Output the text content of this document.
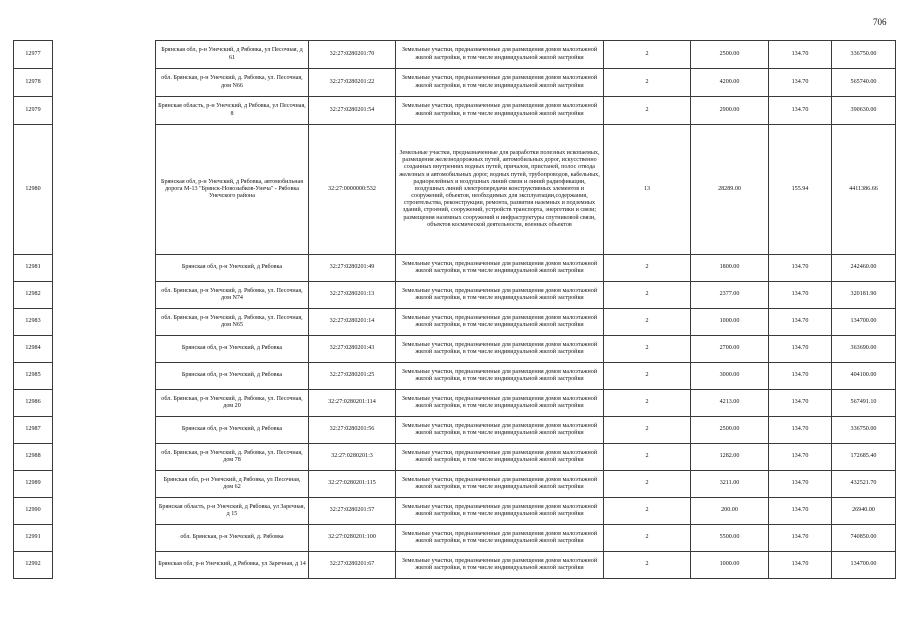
706
12977		Брянская обл, р-н Унечский, д Рябовка, ул Песочная, д 61	32:27:0280201:70	Земельные участки, предназначенные для размещения домов малоэтажной жилой застройки, в том числе индивидуальной жилой застройки	2	2500.00	134.70	336750.00
12978		обл. Брянская, р-н Унечский, д. Рябовка, ул. Песочная, дом N66	32:27:0280201:22	Земельные участки, предназначенные для размещения домов малоэтажной жилой застройки, в том числе индивидуальной жилой застройки	2	4200.00	134.70	565740.00
12979		Брянская область, р-н Унечский, д Рябовка, ул Песочная, 8	32:27:0280201:54	Земельные участки, предназначенные для размещения домов малоэтажной жилой застройки, в том числе индивидуальной жилой застройки	2	2900.00	134.70	390630.00
12980		Брянская обл, р-н Унечский, д Рябовка, автомобильная дорога М-13 "Брянск-Новозыбков-Унеча" - Рябовка Унечского района	32:27:0000000:532	Земельные участки, предназначенные для разработки полезных ископаемых, размещения железнодорожных путей, автомобильных дорог, искусственно созданных внутренних водных путей, причалов, пристаней, полос отвода железных и автомобильных дорог, водных путей, трубопроводов, кабельных, радиорелейных и воздушных линий связи и линий радиофикации, воздушных линий электропередачи конструктивных элементов и сооружений, объектов, необходимых для эксплуатации,содержания, строительства, реконструкции, ремонта, развития наземных и подземных зданий, строений, сооружений, устройств транспорта, энергетики и связи; размещения наземных сооружений и инфраструктуры спутниковой связи, объектов космической деятельности, военных объектов	13	28289.00	155.94	4411386.66
12981		Брянская обл, р-н Унечский, д Рябовка	32:27:0280201:49	Земельные участки, предназначенные для размещения домов малоэтажной жилой застройки, в том числе индивидуальной жилой застройки	2	1800.00	134.70	242460.00
12982		обл. Брянская, р-н Унечский, д. Рябовка, ул. Песочная, дом N74	32:27:0280201:13	Земельные участки, предназначенные для размещения домов малоэтажной жилой застройки, в том числе индивидуальной жилой застройки	2	2377.00	134.70	320181.90
12983		обл. Брянская, р-н Унечский, д. Рябовка, ул. Песочная, дом N65	32:27:0280201:14	Земельные участки, предназначенные для размещения домов малоэтажной жилой застройки, в том числе индивидуальной жилой застройки	2	1000.00	134.70	134700.00
12984		Брянская обл, р-н Унечский, д Рябовка	32:27:0280201:43	Земельные участки, предназначенные для размещения домов малоэтажной жилой застройки, в том числе индивидуальной жилой застройки	2	2700.00	134.70	363690.00
12985		Брянская обл, р-н Унечский, д Рябовка	32:27:0280201:25	Земельные участки, предназначенные для размещения домов малоэтажной жилой застройки, в том числе индивидуальной жилой застройки	2	3000.00	134.70	404100.00
12986		обл. Брянская, р-н Унечский, д. Рябовка, ул. Песочная, дом 20	32:27:0280201:114	Земельные участки, предназначенные для размещения домов малоэтажной жилой застройки, в том числе индивидуальной жилой застройки	2	4213.00	134.70	567491.10
12987		Брянская обл, р-н Унечский, д Рябовка	32:27:0280201:56	Земельные участки, предназначенные для размещения домов малоэтажной жилой застройки, в том числе индивидуальной жилой застройки	2	2500.00	134.70	336750.00
12988		обл. Брянская, р-н Унечский, д. Рябовка, ул. Песочная, дом 78	32:27:0280201:3	Земельные участки, предназначенные для размещения домов малоэтажной жилой застройки, в том числе индивидуальной жилой застройки	2	1282.00	134.70	172685.40
12989		Брянская обл, р-н Унечский, д Рябовка, ул Песочная, дом 62	32:27:0280201:115	Земельные участки, предназначенные для размещения домов малоэтажной жилой застройки, в том числе индивидуальной жилой застройки	2	3211.00	134.70	432521.70
12990		Брянская область, р-н Унечский, д Рябовка, ул Заречная, д 15	32:27:0280201:57	Земельные участки, предназначенные для размещения домов малоэтажной жилой застройки, в том числе индивидуальной жилой застройки	2	200.00	134.70	26940.00
12991		обл. Брянская, р-н Унечский, д. Рябовка	32:27:0280201:100	Земельные участки, предназначенные для размещения домов малоэтажной жилой застройки, в том числе индивидуальной жилой застройки	2	5500.00	134.70	740850.00
12992		Брянская обл, р-н Унечский, д Рябовка, ул Заречная, д 14	32:27:0280201:67	Земельные участки, предназначенные для размещения домов малоэтажной жилой застройки, в том числе индивидуальной жилой застройки	2	1000.00	134.70	134700.00
